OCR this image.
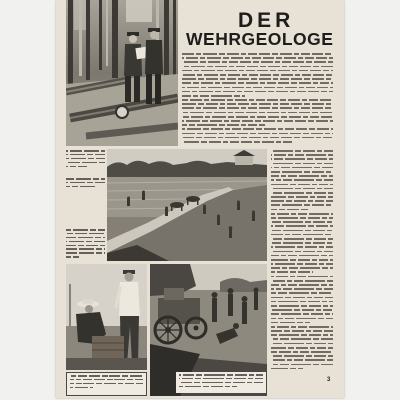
DER
WEHRGEOLOGE
3
